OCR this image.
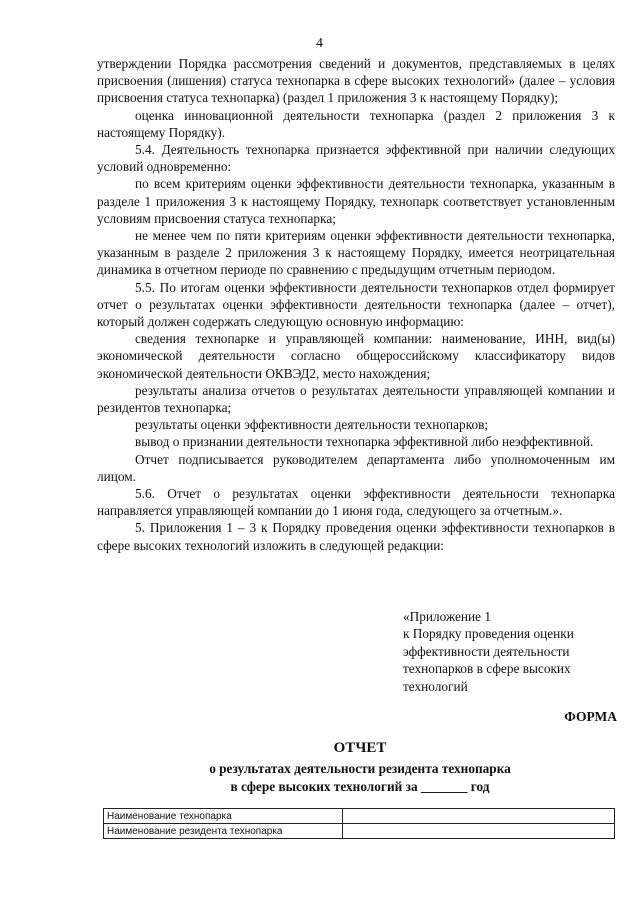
4

утверждении Порядка рассмотрения сведений и документов, представляемых в целях присвоения (лишения) статуса технопарка в сфере высоких технологий» (далее – условия присвоения статуса технопарка) (раздел 1 приложения 3 к настоящему Порядку);

оценка инновационной деятельности технопарка (раздел 2 приложения 3 к настоящему Порядку).

5.4. Деятельность технопарка признается эффективной при наличии следующих условий одновременно:

по всем критериям оценки эффективности деятельности технопарка, указанным в разделе 1 приложения 3 к настоящему Порядку, технопарк соответствует установленным условиям присвоения статуса технопарка;

не менее чем по пяти критериям оценки эффективности деятельности технопарка, указанным в разделе 2 приложения 3 к настоящему Порядку, имеется неотрицательная динамика в отчетном периоде по сравнению с предыдущим отчетным периодом.

5.5. По итогам оценки эффективности деятельности технопарков отдел формирует отчет о результатах оценки эффективности деятельности технопарка (далее – отчет), который должен содержать следующую основную информацию:

сведения технопарке и управляющей компании: наименование, ИНН, вид(ы) экономической деятельности согласно общероссийскому классификатору видов экономической деятельности ОКВЭД2, место нахождения;

результаты анализа отчетов о результатах деятельности управляющей компании и резидентов технопарка;

результаты оценки эффективности деятельности технопарков;

вывод о признании деятельности технопарка эффективной либо неэффективной.

Отчет подписывается руководителем департамента либо уполномоченным им лицом.

5.6. Отчет о результатах оценки эффективности деятельности технопарка направляется управляющей компании до 1 июня года, следующего за отчетным.».

5. Приложения 1 – 3 к Порядку проведения оценки эффективности технопарков в сфере высоких технологий изложить в следующей редакции:

«Приложение 1
к Порядку проведения оценки
эффективности деятельности
технопарков в сфере высоких
технологий
ФОРМА
ОТЧЕТ
о результатах деятельности резидента технопарка
в сфере высоких технологий за _______ год
Наименование технопарка	
Наименование резидента технопарка	
